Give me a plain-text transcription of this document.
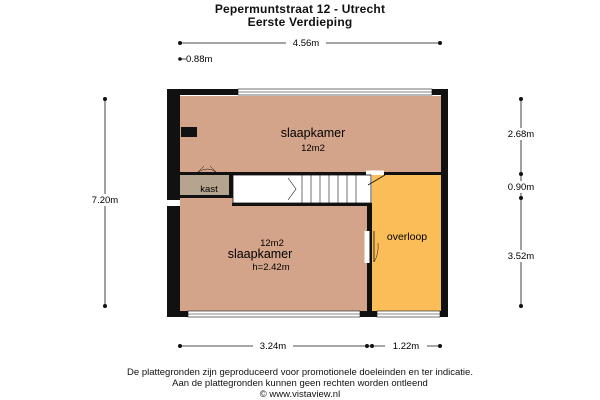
Pepermuntstraat 12 - Utrecht
Eerste Verdieping
4.56m
0.88m
7.20m
2.68m
0.90m
3.52m
slaapkamer
12m2
kast
overloop
12m2
slaapkamer
h=2.42m
3.24m	1.22m
De plattegronden zijn geproduceerd voor promotionele doeleinden en ter indicatie.
Aan de plattegronden kunnen geen rechten worden ontleend
© www.vistaview.nl
